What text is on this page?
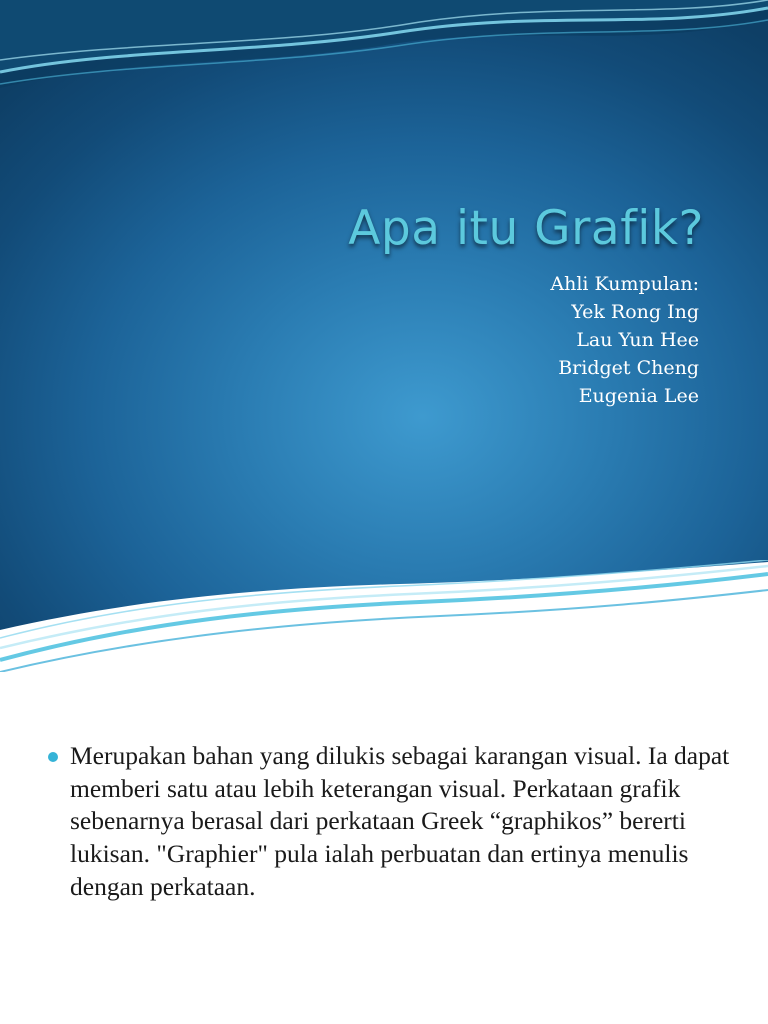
Apa itu Grafik?
Ahli Kumpulan:
Yek Rong Ing
Lau Yun Hee
Bridget Cheng
Eugenia Lee
Merupakan bahan yang dilukis sebagai karangan visual. Ia dapat memberi satu atau lebih keterangan visual. Perkataan grafik sebenarnya berasal dari perkataan Greek “graphikos” bererti lukisan. "Graphier" pula ialah perbuatan dan ertinya menulis dengan perkataan.
